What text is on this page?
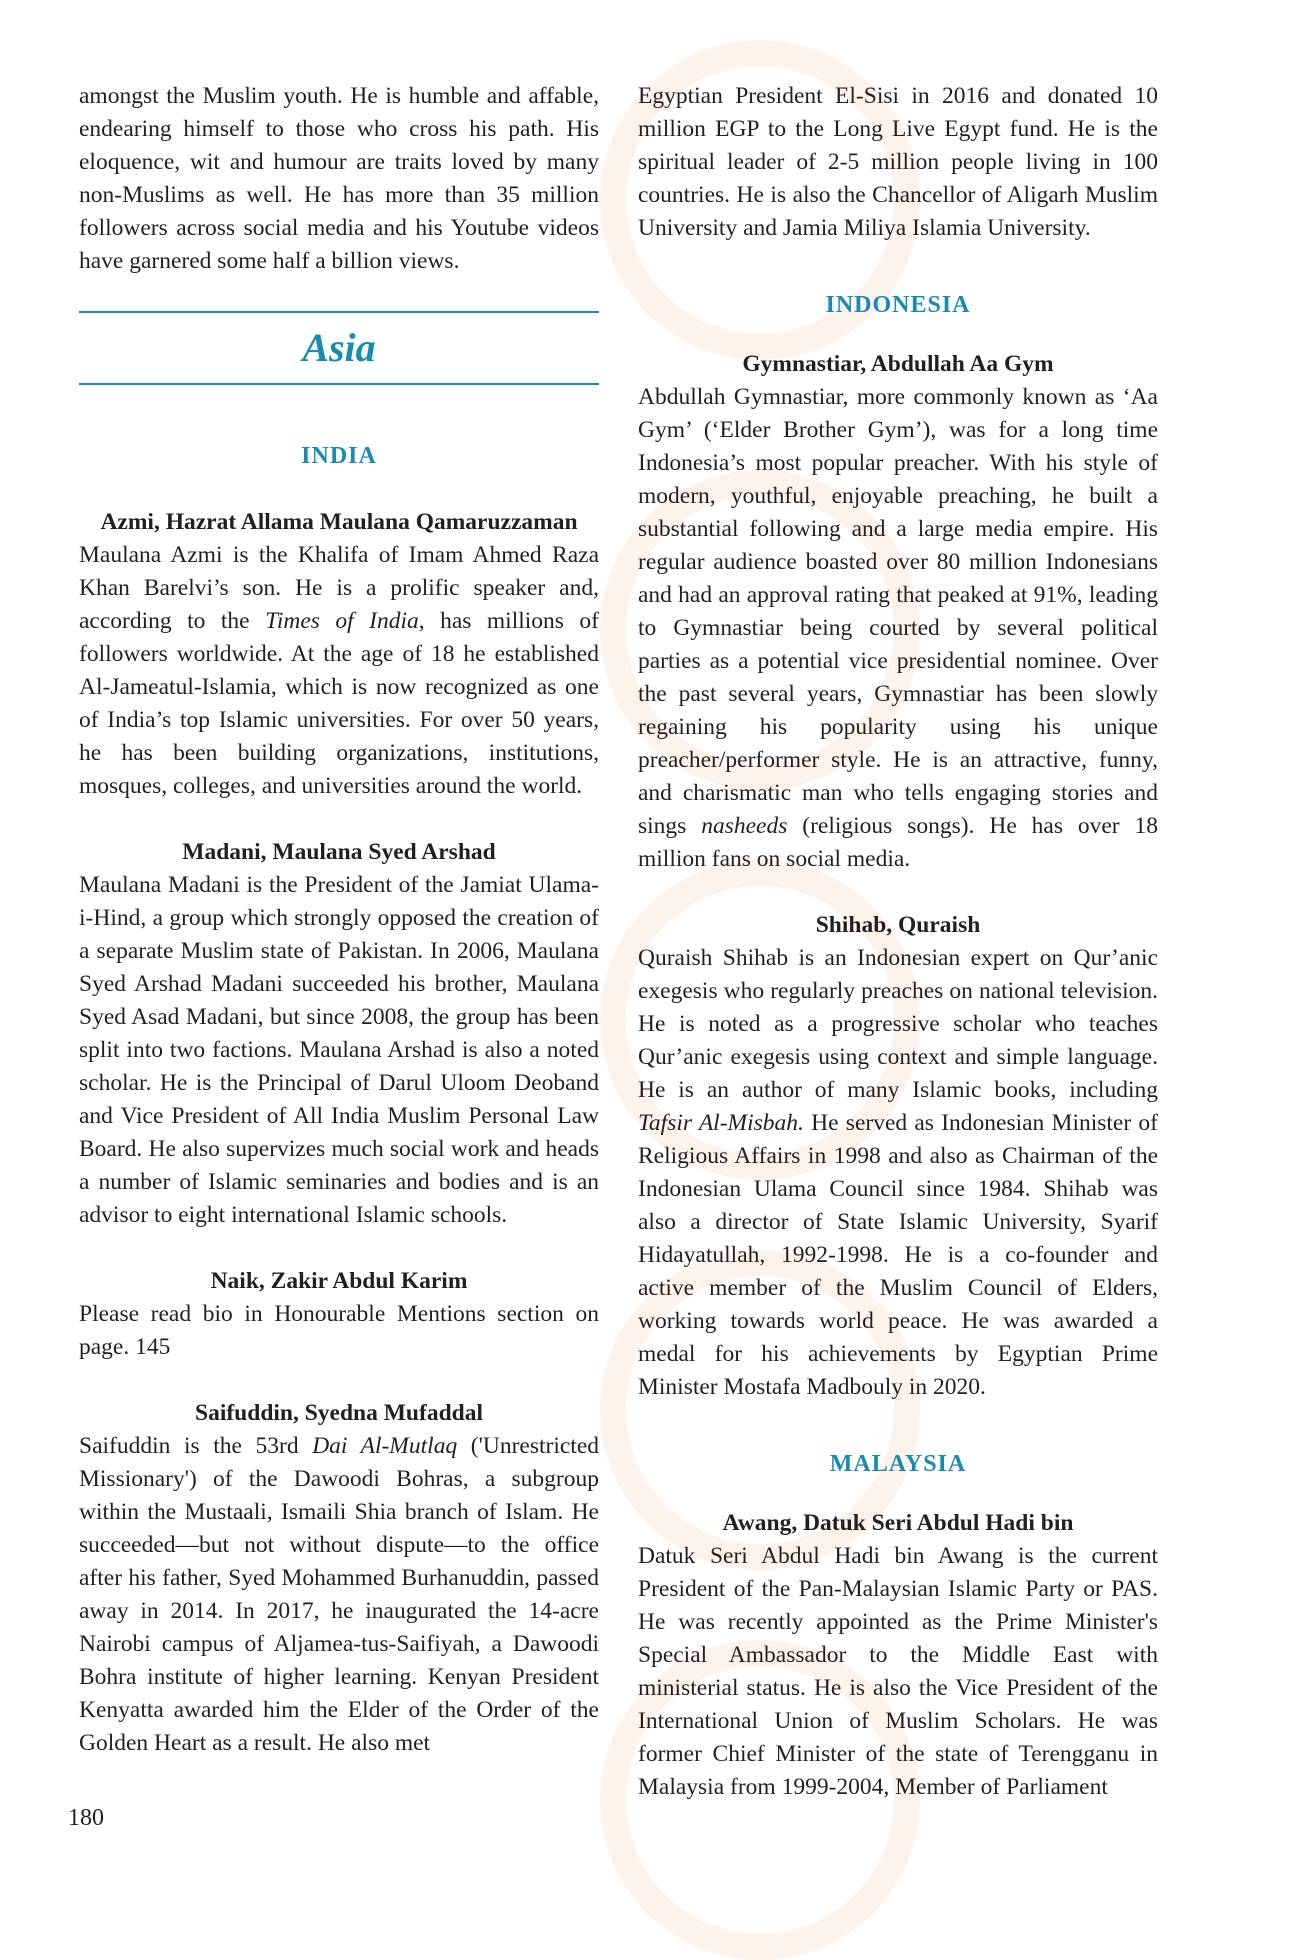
amongst the Muslim youth. He is humble and affable, endearing himself to those who cross his path. His eloquence, wit and humour are traits loved by many non-Muslims as well. He has more than 35 million followers across social media and his Youtube videos have garnered some half a billion views.

Asia
INDIA

Azmi, Hazrat Allama Maulana Qamaruzzaman

Maulana Azmi is the Khalifa of Imam Ahmed Raza Khan Barelvi’s son. He is a prolific speaker and, according to the Times of India, has millions of followers worldwide. At the age of 18 he established Al-Jameatul-Islamia, which is now recognized as one of India’s top Islamic universities. For over 50 years, he has been building organizations, institutions, mosques, colleges, and universities around the world.

Madani, Maulana Syed Arshad

Maulana Madani is the President of the Jamiat Ulama-i-Hind, a group which strongly opposed the creation of a separate Muslim state of Pakistan. In 2006, Maulana Syed Arshad Madani succeeded his brother, Maulana Syed Asad Madani, but since 2008, the group has been split into two factions. Maulana Arshad is also a noted scholar. He is the Principal of Darul Uloom Deoband and Vice President of All India Muslim Personal Law Board. He also supervizes much social work and heads a number of Islamic seminaries and bodies and is an advisor to eight international Islamic schools.

Naik, Zakir Abdul Karim

Please read bio in Honourable Mentions section on page. 145

Saifuddin, Syedna Mufaddal

Saifuddin is the 53rd Dai Al-Mutlaq ('Unrestricted Missionary') of the Dawoodi Bohras, a subgroup within the Mustaali, Ismaili Shia branch of Islam. He succeeded—but not without dispute—to the office after his father, Syed Mohammed Burhanuddin, passed away in 2014. In 2017, he inaugurated the 14-acre Nairobi campus of Aljamea-tus-Saifiyah, a Dawoodi Bohra institute of higher learning. Kenyan President Kenyatta awarded him the Elder of the Order of the Golden Heart as a result. He also met

Egyptian President El-Sisi in 2016 and donated 10 million EGP to the Long Live Egypt fund. He is the spiritual leader of 2-5 million people living in 100 countries. He is also the Chancellor of Aligarh Muslim University and Jamia Miliya Islamia University.

INDONESIA

Gymnastiar, Abdullah Aa Gym

Abdullah Gymnastiar, more commonly known as ‘Aa Gym’ (‘Elder Brother Gym’), was for a long time Indonesia’s most popular preacher. With his style of modern, youthful, enjoyable preaching, he built a substantial following and a large media empire. His regular audience boasted over 80 million Indonesians and had an approval rating that peaked at 91%, leading to Gymnastiar being courted by several political parties as a potential vice presidential nominee. Over the past several years, Gymnastiar has been slowly regaining his popularity using his unique preacher/performer style. He is an attractive, funny, and charismatic man who tells engaging stories and sings nasheeds (religious songs). He has over 18 million fans on social media.

Shihab, Quraish

Quraish Shihab is an Indonesian expert on Qur’anic exegesis who regularly preaches on national television. He is noted as a progressive scholar who teaches Qur’anic exegesis using context and simple language. He is an author of many Islamic books, including Tafsir Al-Misbah. He served as Indonesian Minister of Religious Affairs in 1998 and also as Chairman of the Indonesian Ulama Council since 1984. Shihab was also a director of State Islamic University, Syarif Hidayatullah, 1992-1998. He is a co-founder and active member of the Muslim Council of Elders, working towards world peace. He was awarded a medal for his achievements by Egyptian Prime Minister Mostafa Madbouly in 2020.

MALAYSIA

Awang, Datuk Seri Abdul Hadi bin

Datuk Seri Abdul Hadi bin Awang is the current President of the Pan-Malaysian Islamic Party or PAS. He was recently appointed as the Prime Minister's Special Ambassador to the Middle East with ministerial status. He is also the Vice President of the International Union of Muslim Scholars. He was former Chief Minister of the state of Terengganu in Malaysia from 1999-2004, Member of Parliament

180
